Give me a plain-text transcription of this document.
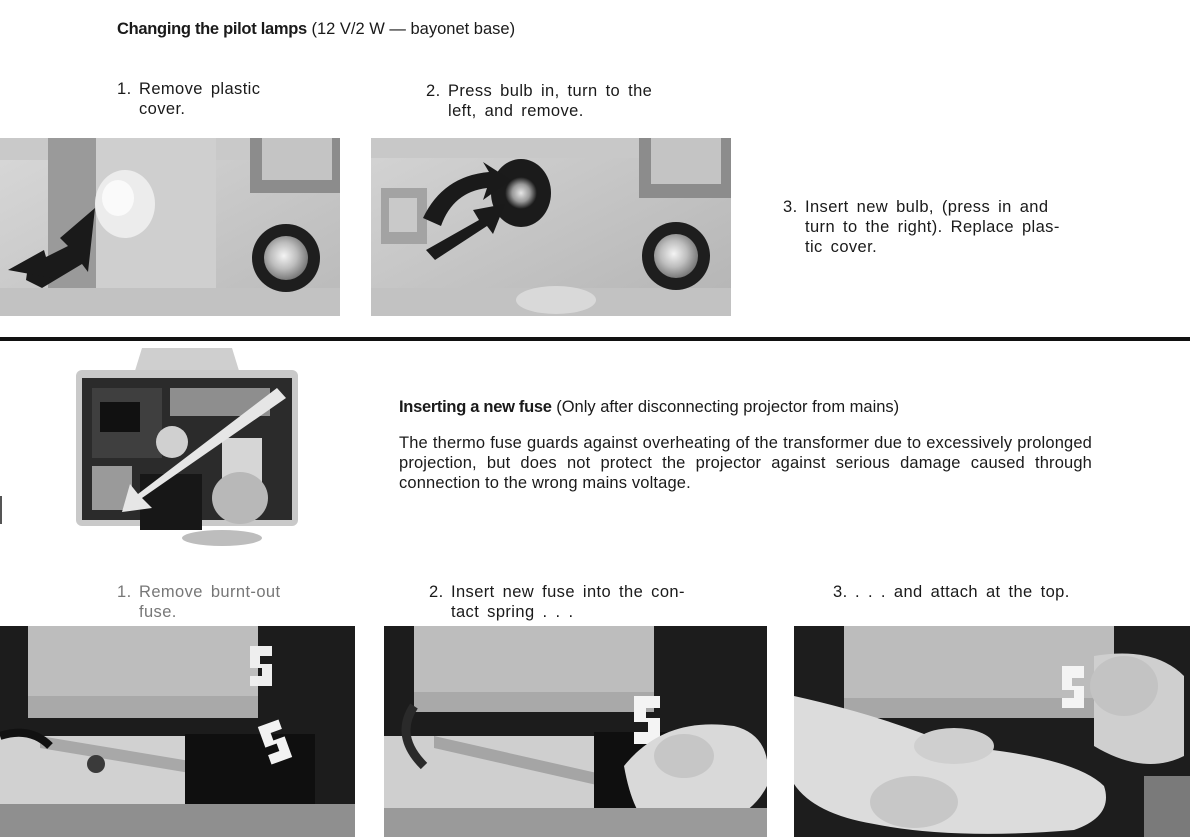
Changing the pilot lamps (12 V/2 W — bayonet base)
1. Remove plastic
cover.
2. Press bulb in, turn to the
left, and remove.
3. Insert new bulb, (press in and
turn to the right). Replace plas-
tic cover.
Inserting a new fuse (Only after disconnecting projector from mains)
The thermo fuse guards against overheating of the transformer due to excessively prolonged projection, but does not protect the projector against serious damage caused through connection to the wrong mains voltage.
1. Remove burnt-out
fuse.
2. Insert new fuse into the con-
tact spring . . .
3. . . . and attach at the top.
